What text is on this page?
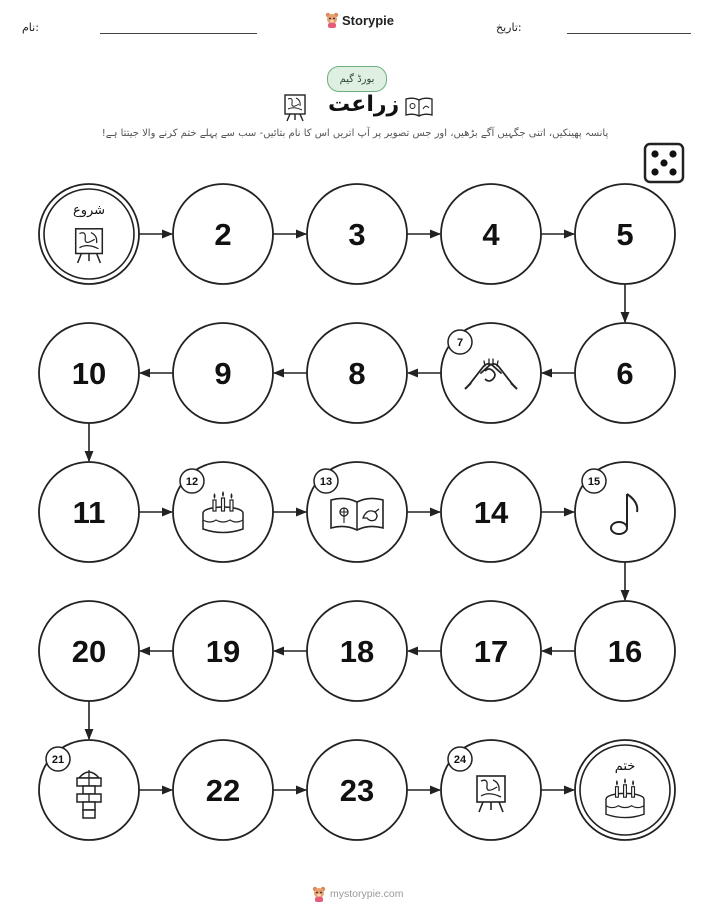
نام:	Storypie	تاریخ:
بورڈ گیم
زراعت
پانسہ پھینکیں، اتنی جگہیں آگے بڑھیں، اور جس تصویر پر آپ اتریں اس کا نام بتائیں- سب سے پہلے ختم کرنے والا جیتتا ہے!
شروع
2	3	4	5
6
7
8
9
10
11
12	13
14
15
16
17
18
19
20
21
22	23
24	ختم
mystorypie.com
